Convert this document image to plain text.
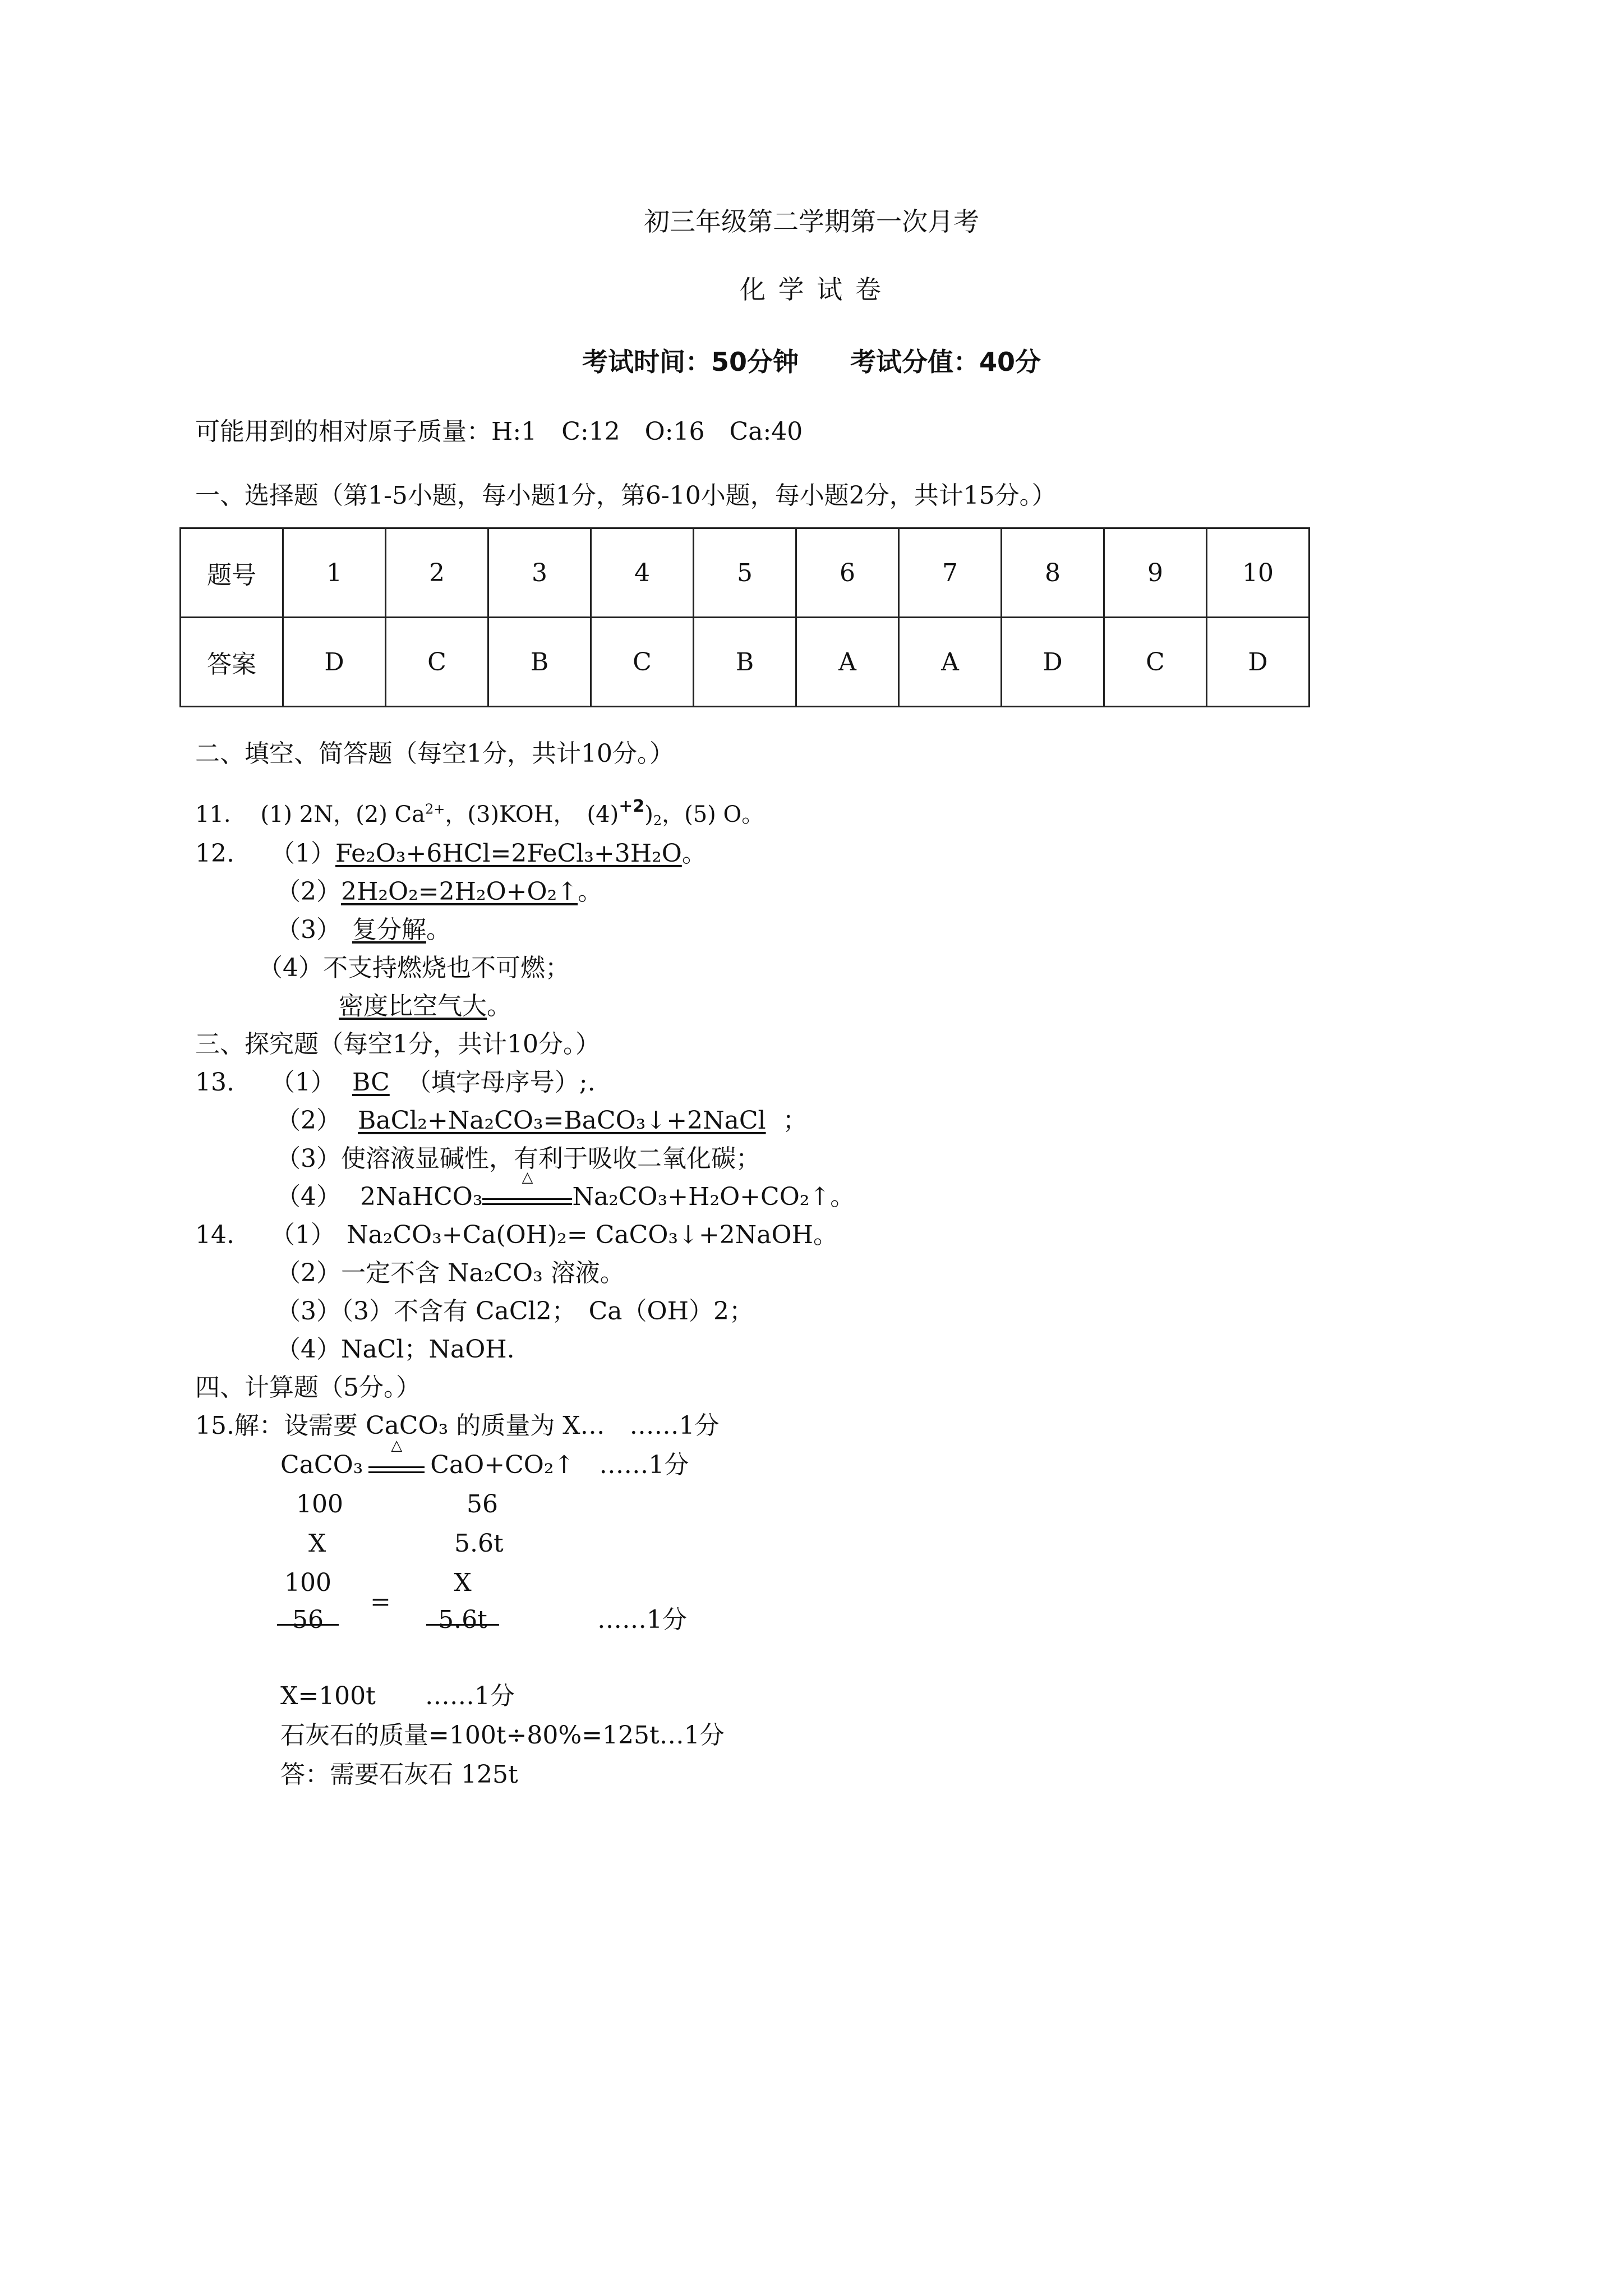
初三年级第二学期第一次月考
化 学 试 卷
考试时间：50分钟　　考试分值：40分
可能用到的相对原子质量：H:1　C:12　O:16　Ca:40
一、选择题（第1-5小题，每小题1分，第6-10小题，每小题2分，共计15分。）
题号	1	2	3	4	5	6	7	8	9	10
答案	D	C	B	C	B	A	A	D	C	D
二、填空、简答题（每空1分，共计10分。）
11. (1) 2N，(2) $Ca^{2+}$，(3)KOH，　$(4)^{+2})_2$，(5) O。
12. （1）Fe₂O₃+6HCl=2FeCl₃+3H₂O。
（2）2H₂O₂=2H₂O+O₂↑。
（3） 复分解。
（4）不支持燃烧也不可燃；
密度比空气大。
三、探究题（每空1分，共计10分。）
13. （1） BC （填字母序号）;.
（2） BaCl₂+Na₂CO₃=BaCO₃↓+2NaCl ；
（3）使溶液显碱性，有利于吸收二氧化碳；
（4） 2NaHCO₃
△
Na₂CO₃+H₂O+CO₂↑。
14. （1） Na₂CO₃+Ca(OH)₂= CaCO₃↓+2NaOH。
（2）一定不含 Na₂CO₃ 溶液。
（3）（3）不含有 CaCl2；　Ca（OH）2；
（4）NaCl；NaOH.
四、计算题（5分。）
15.解：设需要 CaCO₃ 的质量为 X…　……1分
CaCO₃
△
CaO+CO₂↑　……1分
100	56
X	5.6t
100
56
=
X
5.6t	……1分
X=100t　　……1分
石灰石的质量=100t÷80%=125t…1分
答：需要石灰石 125t
